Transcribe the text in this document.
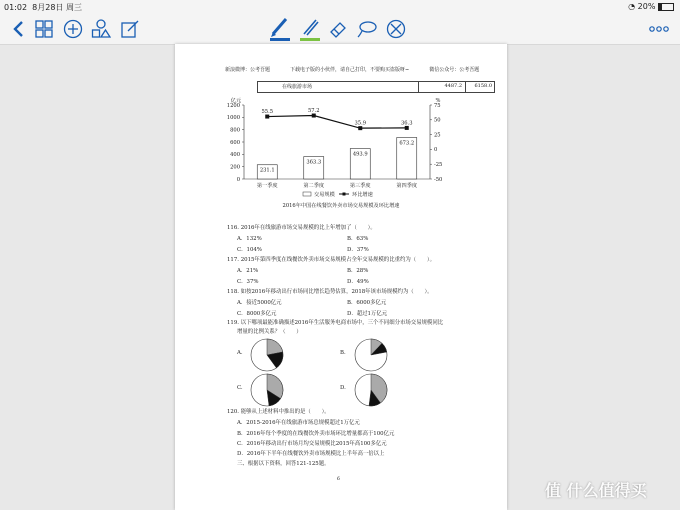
01:02 8月28日 周三	◔ 20%
新浪微博：公考吾题　　　　下载电子版的小伙伴，请自己打印，不要购买盗版呀~　　　　微信公众号：公考吾题
在线旅游市场	4487.2	6158.0
亿元	%
0
200
400
600
800
1000
1200
-50
-25
0
25
50
75
231.1
第一季度
55.5
363.3
第二季度
57.2
493.9
第三季度
35.9
673.2
第四季度
36.3
交易规模	环比增速
2016年中国在线餐饮外卖市场交易规模及环比增速
116. 2016年在线旅游市场交易规模的比上年增加了（　　）。
A．132%	B．63%
C．104%	D．37%
117. 2015年第四季度在线餐饮外卖市场交易规模占全年交易规模的比重约为（　　）。
A．21%	B．28%
C．37%	D．49%
118. 如按2016年移动出行市场同比增长趋势估算，2018年该市场规模约为（　　）。
A．接近5000亿元	B．6000多亿元
C．8000多亿元	D．超过1万亿元
119. 以下哪项最能准确描述2016年生活服务电商市场中，三个不同细分市场交易规模同比
增量的比例关系？（　　）
A.	B.
C.	D.
120. 能够从上述材料中推出的是（　　）。
A．2015-2016年在线旅游市场总规模超过1万亿元
B．2016年每个季度的在线餐饮外卖市场环比增量都高于100亿元
C．2016年移动出行市场月均交易规模比2015年高100多亿元
D．2016年下半年在线餐饮外卖市场规模比上半年高一倍以上
三、根据以下资料，回答121-125题。
6
值 什么值得买
